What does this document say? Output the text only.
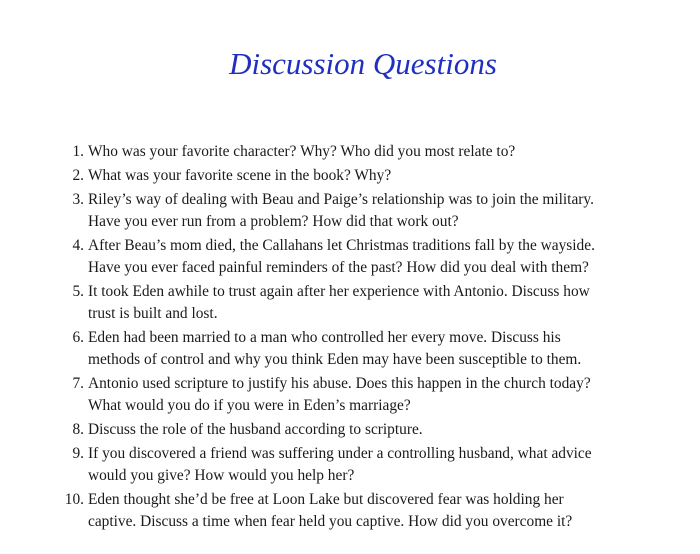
Discussion Questions
1. Who was your favorite character? Why? Who did you most relate to?
2. What was your favorite scene in the book? Why?
3. Riley’s way of dealing with Beau and Paige’s relationship was to join the military.
Have you ever run from a problem? How did that work out?
4. After Beau’s mom died, the Callahans let Christmas traditions fall by the wayside.
Have you ever faced painful reminders of the past? How did you deal with them?
5. It took Eden awhile to trust again after her experience with Antonio. Discuss how
trust is built and lost.
6. Eden had been married to a man who controlled her every move. Discuss his
methods of control and why you think Eden may have been susceptible to them.
7. Antonio used scripture to justify his abuse. Does this happen in the church today?
What would you do if you were in Eden’s marriage?
8. Discuss the role of the husband according to scripture.
9. If you discovered a friend was suffering under a controlling husband, what advice
would you give? How would you help her?
10. Eden thought she’d be free at Loon Lake but discovered fear was holding her
captive. Discuss a time when fear held you captive. How did you overcome it?
